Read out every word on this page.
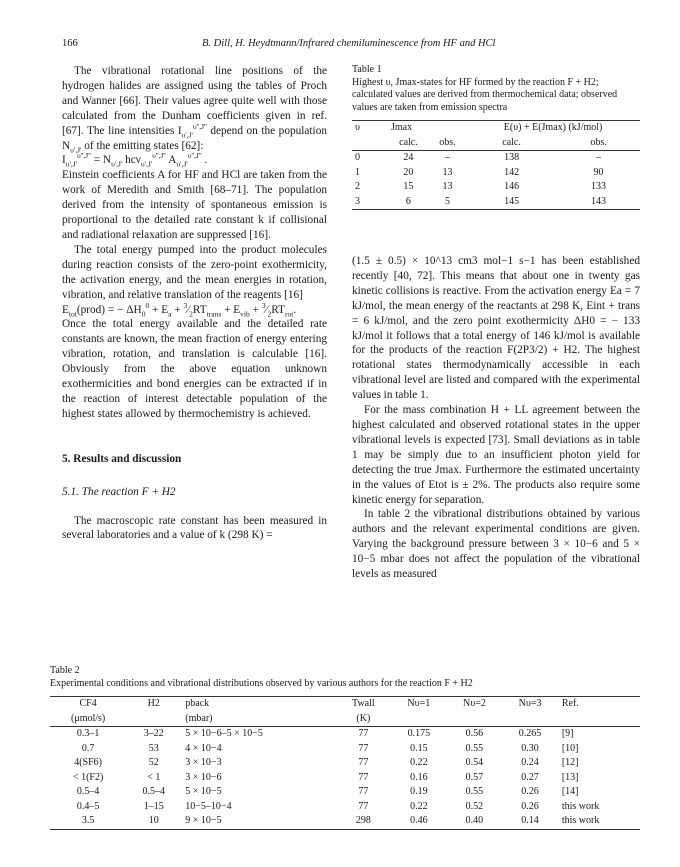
166	B. Dill, H. Heydtmann/Infrared chemiluminescence from HF and HCl

The vibrational rotational line positions of the hydrogen halides are assigned using the tables of Proch and Wanner [66]. Their values agree quite well with those calculated from the Dunham coefficients given in ref. [67]. The line intensities $I_{\upsilon',J'}^{\upsilon'',J''}$ depend on the population $N_{\upsilon',J'}$ of the emitting states [62]:

$I_{\upsilon',J'}^{\upsilon'',J''} = N_{\upsilon',J'}$ hcν$_{\upsilon',J'}^{\upsilon'',J''}$ $A_{\upsilon',J'}^{\upsilon'',J''}$ .

Einstein coefficients A for HF and HCl are taken from the work of Meredith and Smith [68–71]. The population derived from the intensity of spontaneous emission is proportional to the detailed rate constant k if collisional and radiational relaxation are suppressed [16].

The total energy pumped into the product molecules during reaction consists of the zero-point exothermicity, the activation energy, and the mean energies in rotation, vibration, and relative translation of the reagents [16]

$E_{tot}(prod)$ = − $\Delta H_0^0 + E_a$ + $^3⁄_2RT_{trans} + E_{vib}$ + $^3⁄_2RT_{rot}$.

Once the total energy available and the detailed rate constants are known, the mean fraction of energy entering vibration, rotation, and translation is calculable [16]. Obviously from the above equation unknown exothermicities and bond energies can be extracted if in the reaction of interest detectable population of the highest states allowed by thermochemistry is achieved.

5. Results and discussion

5.1. The reaction F + H2

The macroscopic rate constant has been measured in several laboratories and a value of k (298 K) =

Table 1
Highest υ, Jmax-states for HF formed by the reaction F + H2; calculated values are derived from thermochemical data; observed values are taken from emission spectra
υ	Jmax		E(υ) + E(Jmax) (kJ/mol)	
	calc.	obs.	calc.	obs.
0	24	–	138	–
1	20	13	142	90
2	15	13	146	133
3	6	5	145	143

(1.5 ± 0.5) × 10^13 cm3 mol−1 s−1 has been established recently [40, 72]. This means that about one in twenty gas kinetic collisions is reactive. From the activation energy Ea = 7 kJ/mol, the mean energy of the reactants at 298 K, Eint + trans = 6 kJ/mol, and the zero point exothermicity ΔH0 = − 133 kJ/mol it follows that a total energy of 146 kJ/mol is available for the products of the reaction F(2P3/2) + H2. The highest rotational states thermodynamically accessible in each vibrational level are listed and compared with the experimental values in table 1.

For the mass combination H + LL agreement between the highest calculated and observed rotational states in the upper vibrational levels is expected [73]. Small deviations as in table 1 may be simply due to an insufficient photon yield for detecting the true Jmax. Furthermore the estimated uncertainty in the values of Etot is ± 2%. The products also require some kinetic energy for separation.

In table 2 the vibrational distributions obtained by various authors and the relevant experimental conditions are given. Varying the background pressure between 3 × 10−6 and 5 × 10−5 mbar does not affect the population of the vibrational levels as measured

Table 2
Experimental conditions and vibrational distributions observed by various authors for the reaction F + H2
CF4	H2	pback	Twall	Nυ=1	Nυ=2	Nυ=3	Ref.
(μmol/s)		(mbar)	(K)				
0.3–1	3–22	5 × 10−6–5 × 10−5	77	0.175	0.56	0.265	[9]
0.7	53	4 × 10−4	77	0.15	0.55	0.30	[10]
4(SF6)	52	3 × 10−3	77	0.22	0.54	0.24	[12]
< 1(F2)	< 1	3 × 10−6	77	0.16	0.57	0.27	[13]
0.5–4	0.5–4	5 × 10−5	77	0.19	0.55	0.26	[14]
0.4–5	1–15	10−5–10−4	77	0.22	0.52	0.26	this work
3.5	10	9 × 10−5	298	0.46	0.40	0.14	this work
